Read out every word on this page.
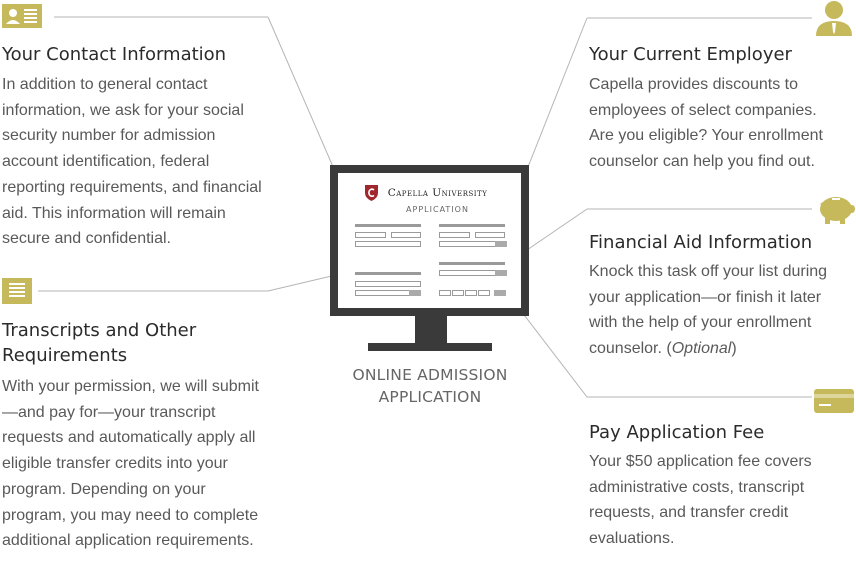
Your Contact Information
In addition to general contact information, we ask for your social security number for admission account identification, federal reporting requirements, and financial aid. This information will remain secure and confidential.
Transcripts and Other Requirements
With your permission, we will submit—and pay for—your transcript requests and automatically apply all eligible transfer credits into your program. Depending on your program, you may need to complete additional application requirements.
Your Current Employer
Capella provides discounts to employees of select companies. Are you eligible? Your enrollment counselor can help you find out.
Financial Aid Information
Knock this task off your list during your application—or finish it later with the help of your enrollment counselor. (Optional)
Pay Application Fee
Your $50 application fee covers administrative costs, transcript requests, and transfer credit evaluations.
Capella University
APPLICATION
ONLINE ADMISSION
APPLICATION
